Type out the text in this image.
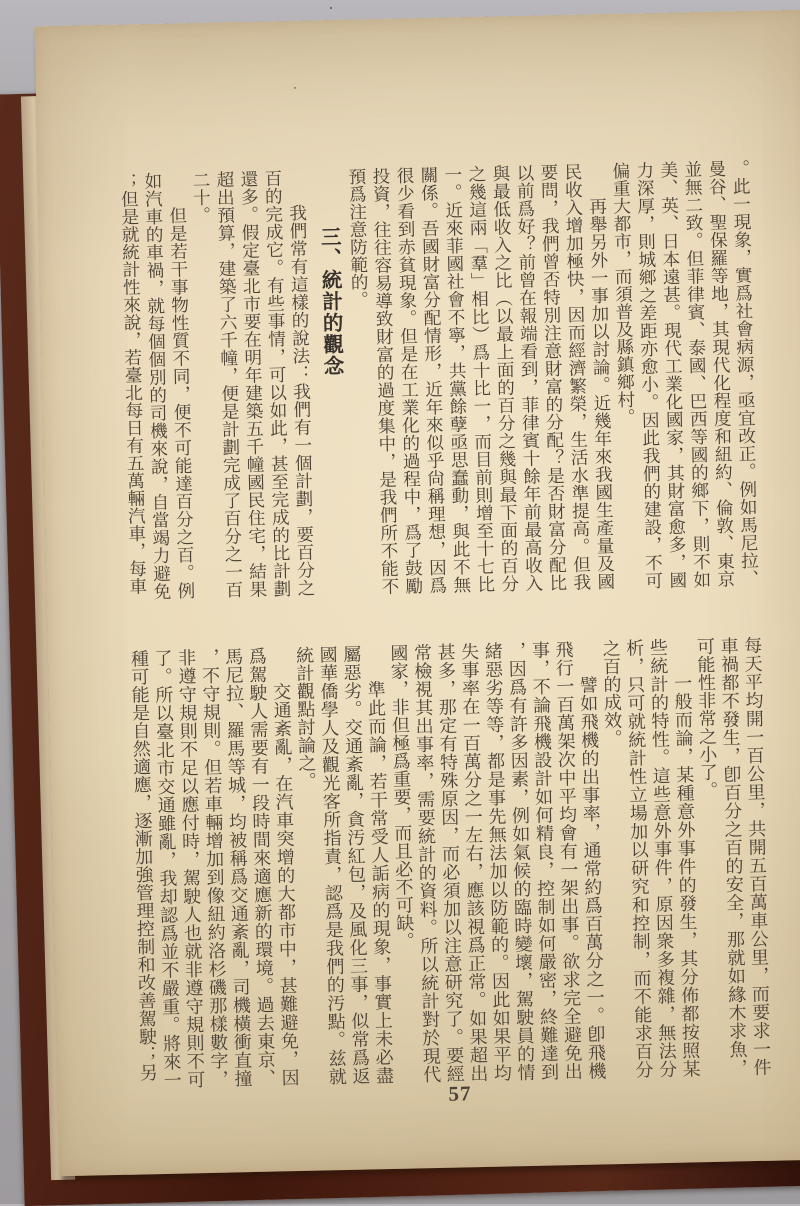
。此一現象，實爲社會病源，亟宜改正。例如馬尼拉、曼谷、聖保羅等地，其現代化程度和紐約、倫敦、東京並無二致。但菲律賓、泰國、巴西等國的鄉下，則不如美、英、日本遠甚。現代工業化國家，其財富愈多，國力深厚，則城鄉之差距亦愈小。因此我們的建設，不可偏重大都市，而須普及縣鎮鄉村。

再舉另外一事加以討論。近幾年來我國生產量及國民收入增加極快，因而經濟繁榮，生活水準提高。但我要問，我們曾否特別注意財富的分配？是否財富分配比以前爲好？前曾在報端看到，菲律賓十餘年前最高收入與最低收入之比（以最上面的百分之幾與最下面的百分之幾這兩「羣」相比）爲十比一，而目前則增至十七比一。近來菲國社會不寧，共黨餘孽亟思蠢動，與此不無關係。吾國財富分配情形，近年來似乎尙稱理想，因爲很少看到赤貧現象。但是在工業化的過程中，爲了鼓勵投資，往往容易導致財富的過度集中，是我們所不能不預爲注意防範的。

三、統計的觀念

我們常有這樣的說法：我們有一個計劃，要百分之百的完成它。有些事情，可以如此，甚至完成的比計劃還多。假定臺北市要在明年建築五千幢國民住宅，結果超出預算，建築了六千幢，便是計劃完成了百分之一百二十。

但是若干事物性質不同，便不可能達百分之百。例如汽車的車禍，就每個個別的司機來說，自當竭力避免；但是就統計性來說，若臺北每日有五萬輛汽車，每車

每天平均開一百公里，共開五百萬車公里，而要求一件車禍都不發生，卽百分之百的安全，那就如緣木求魚，可能性非常之小了。

一般而論，某種意外事件的發生，其分佈都按照某些統計的特性。這些意外事件，原因衆多複雜，無法分析，只可就統計性立場加以研究和控制，而不能求百分之百的成效。

譬如飛機的出事率，通常約爲百萬分之一。卽飛機飛行一百萬架次中平均會有一架出事。欲求完全避免出事，不論飛機設計如何精良，控制如何嚴密，終難達到，因爲有許多因素，例如氣候的臨時變壞，駕駛員的情緒惡劣等等，都是事先無法加以防範的。因此如果平均失事率在一百萬分之一左右，應該視爲正常。如果超出甚多，那定有特殊原因，而必須加以注意研究了。要經常檢視其出事率，需要統計的資料。所以統計對於現代國家，非但極爲重要，而且必不可缺。

準此而論，若干常受人詬病的現象，事實上未必盡屬惡劣。交通紊亂，貪汚紅包，及風化三事，似常爲返國華僑學人及觀光客所指責，認爲是我們的汚點。兹就統計觀點討論之。

交通紊亂，在汽車突增的大都市中，甚難避免，因爲駕駛人需要有一段時間來適應新的環境。過去東京、馬尼拉、羅馬等城，均被稱爲交通紊亂，司機橫衝直撞，不守規則。但若車輛增加到像紐約洛杉磯那樣數字，非遵守規則不足以應付時，駕駛人也就非遵守規則不可了。所以臺北市交通雖亂，我却認爲並不嚴重。將來一種可能是自然適應，逐漸加強管理控制和改善駕駛；另

57
